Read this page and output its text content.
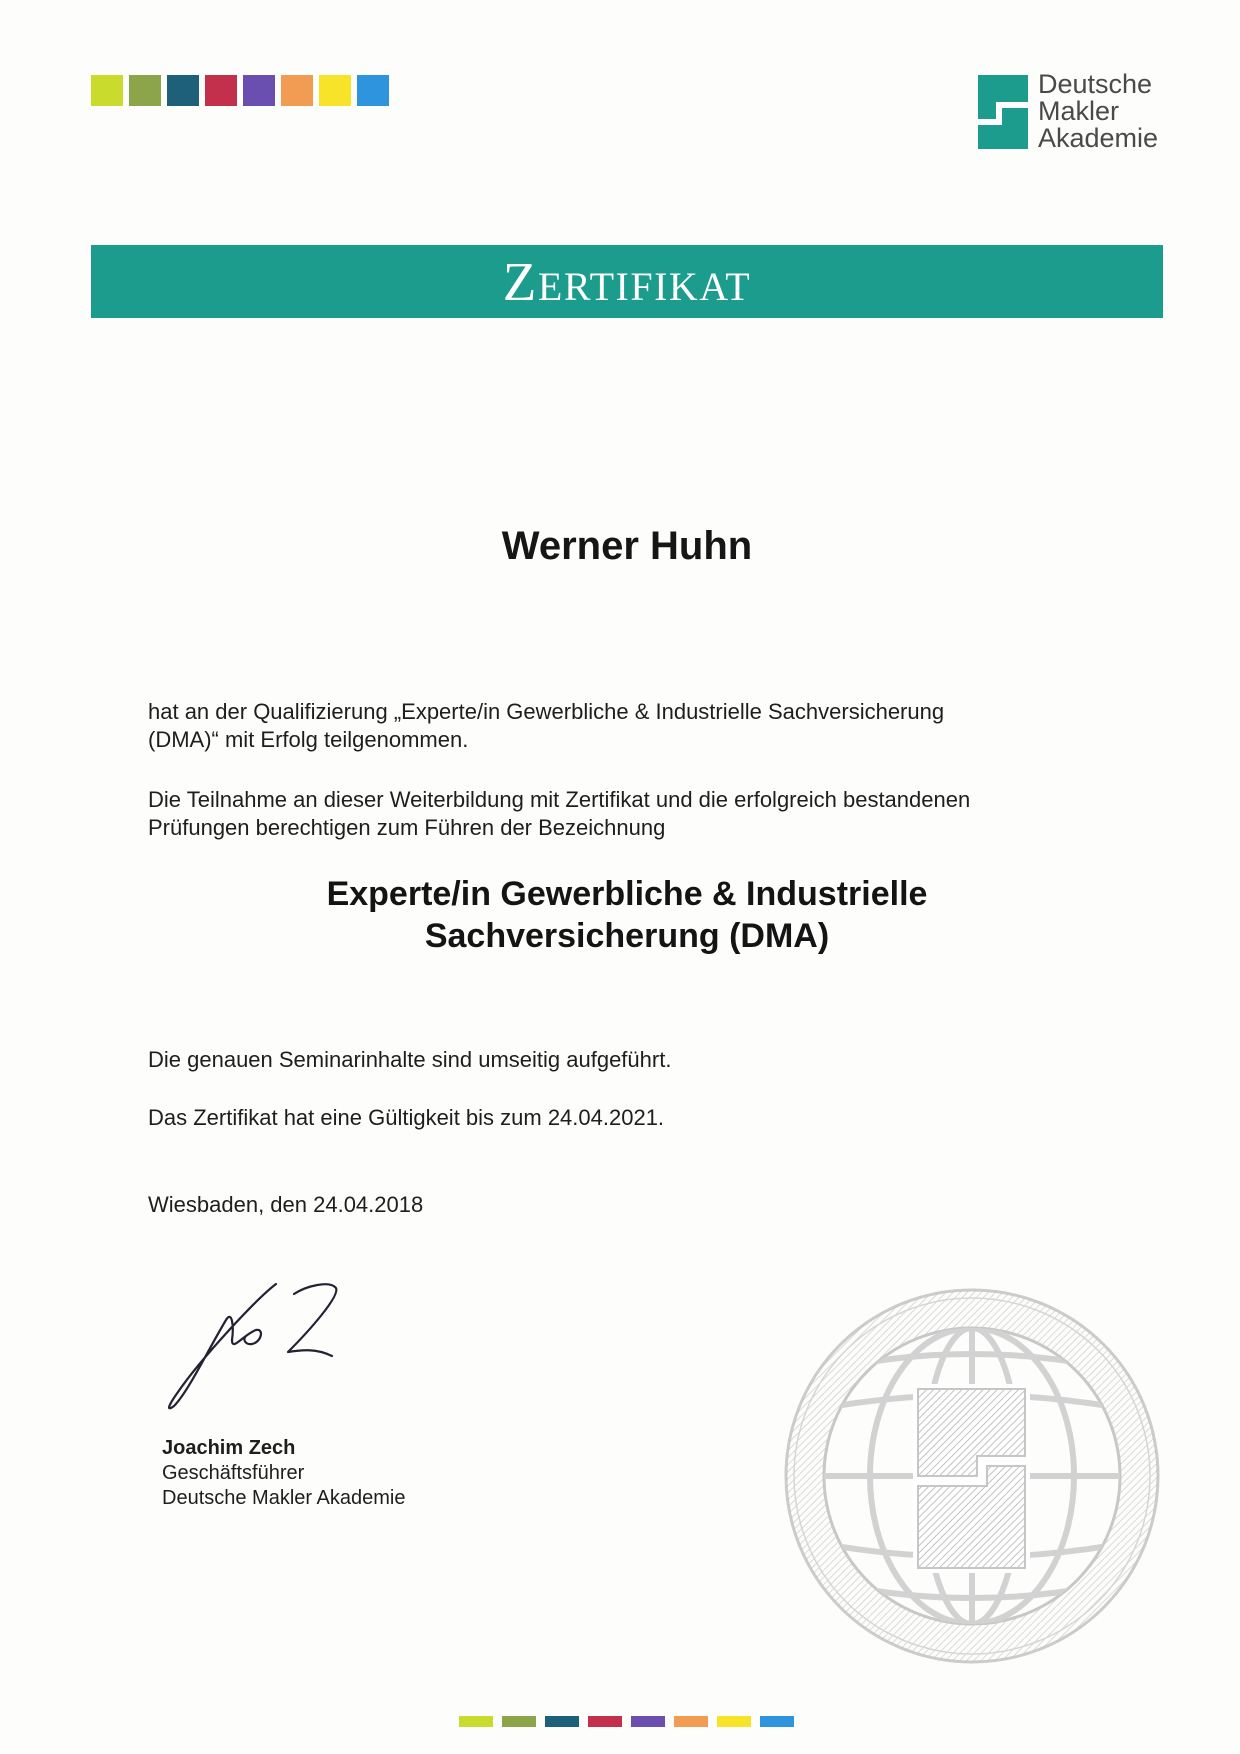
Deutsche
Makler
Akademie
ZERTIFIKAT
Werner Huhn
hat an der Qualifizierung „Experte/in Gewerbliche & Industrielle Sachversicherung
(DMA)“ mit Erfolg teilgenommen.
Die Teilnahme an dieser Weiterbildung mit Zertifikat und die erfolgreich bestandenen
Prüfungen berechtigen zum Führen der Bezeichnung
Experte/in Gewerbliche & Industrielle
Sachversicherung (DMA)
Die genauen Seminarinhalte sind umseitig aufgeführt.
Das Zertifikat hat eine Gültigkeit bis zum 24.04.2021.
Wiesbaden, den 24.04.2018
Joachim Zech
Geschäftsführer
Deutsche Makler Akademie
